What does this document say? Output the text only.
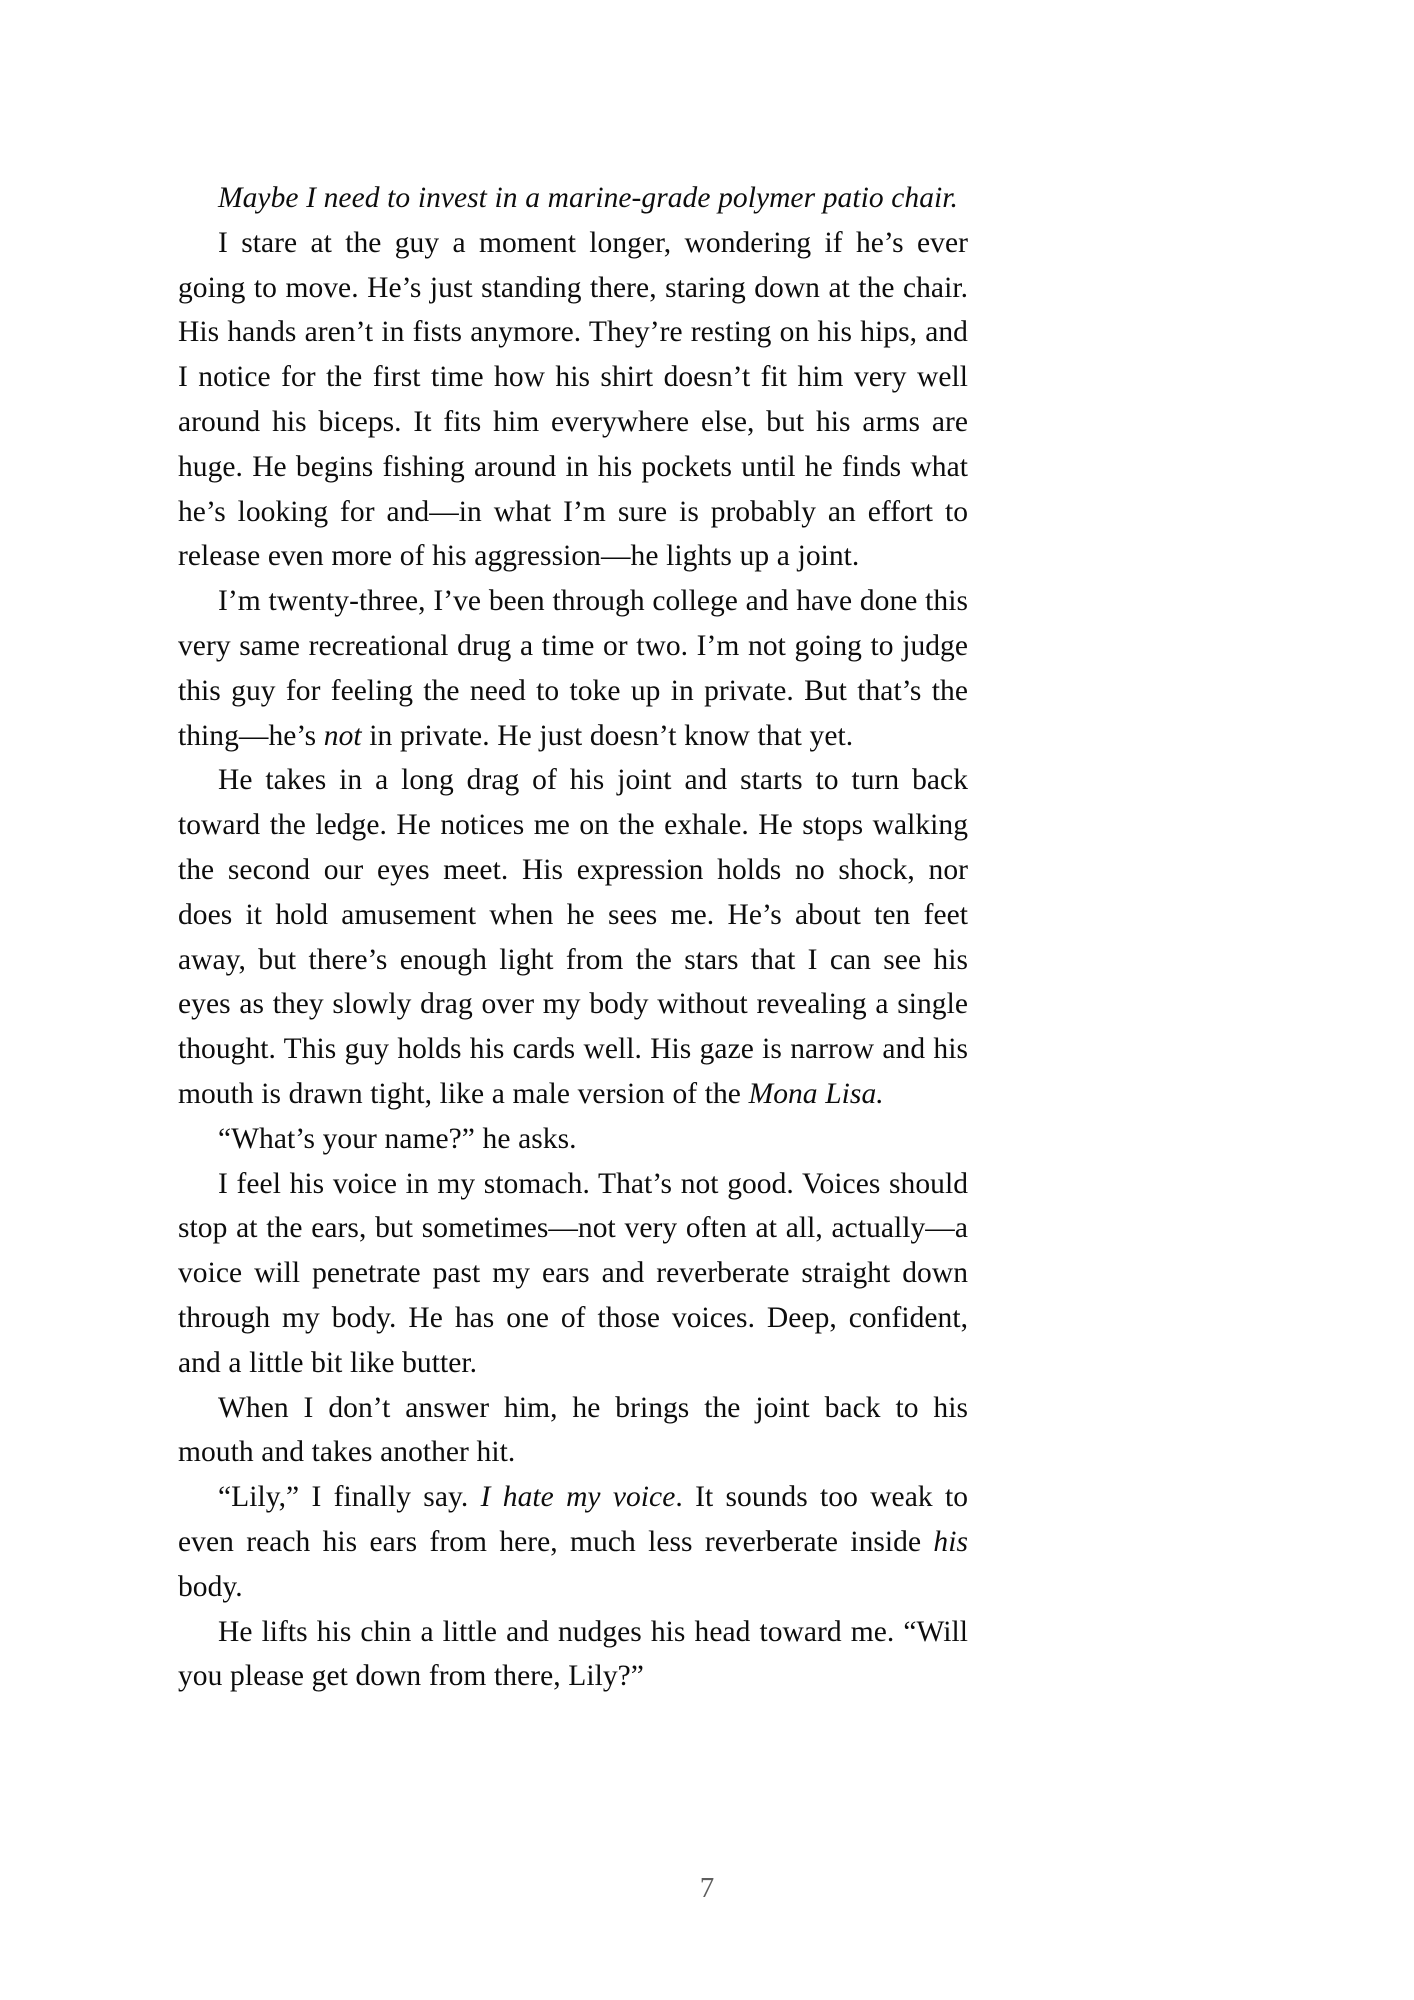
Maybe I need to invest in a marine-grade polymer patio chair.

I stare at the guy a moment longer, wondering if he’s ever going to move. He’s just standing there, staring down at the chair. His hands aren’t in fists anymore. They’re resting on his hips, and I notice for the first time how his shirt doesn’t fit him very well around his biceps. It fits him everywhere else, but his arms are huge. He begins fishing around in his pockets until he finds what he’s looking for and—in what I’m sure is probably an effort to release even more of his aggression—he lights up a joint.

I’m twenty-three, I’ve been through college and have done this very same recreational drug a time or two. I’m not going to judge this guy for feeling the need to toke up in private. But that’s the thing—he’s not in private. He just doesn’t know that yet.

He takes in a long drag of his joint and starts to turn back toward the ledge. He notices me on the exhale. He stops walking the second our eyes meet. His expression holds no shock, nor does it hold amusement when he sees me. He’s about ten feet away, but there’s enough light from the stars that I can see his eyes as they slowly drag over my body without revealing a single thought. This guy holds his cards well. His gaze is narrow and his mouth is drawn tight, like a male version of the Mona Lisa.

“What’s your name?” he asks.

I feel his voice in my stomach. That’s not good. Voices should stop at the ears, but sometimes—not very often at all, actually—a voice will penetrate past my ears and reverberate straight down through my body. He has one of those voices. Deep, confident, and a little bit like butter.

When I don’t answer him, he brings the joint back to his mouth and takes another hit.

“Lily,” I finally say. I hate my voice. It sounds too weak to even reach his ears from here, much less reverberate inside his body.

He lifts his chin a little and nudges his head toward me. “Will you please get down from there, Lily?”

7
